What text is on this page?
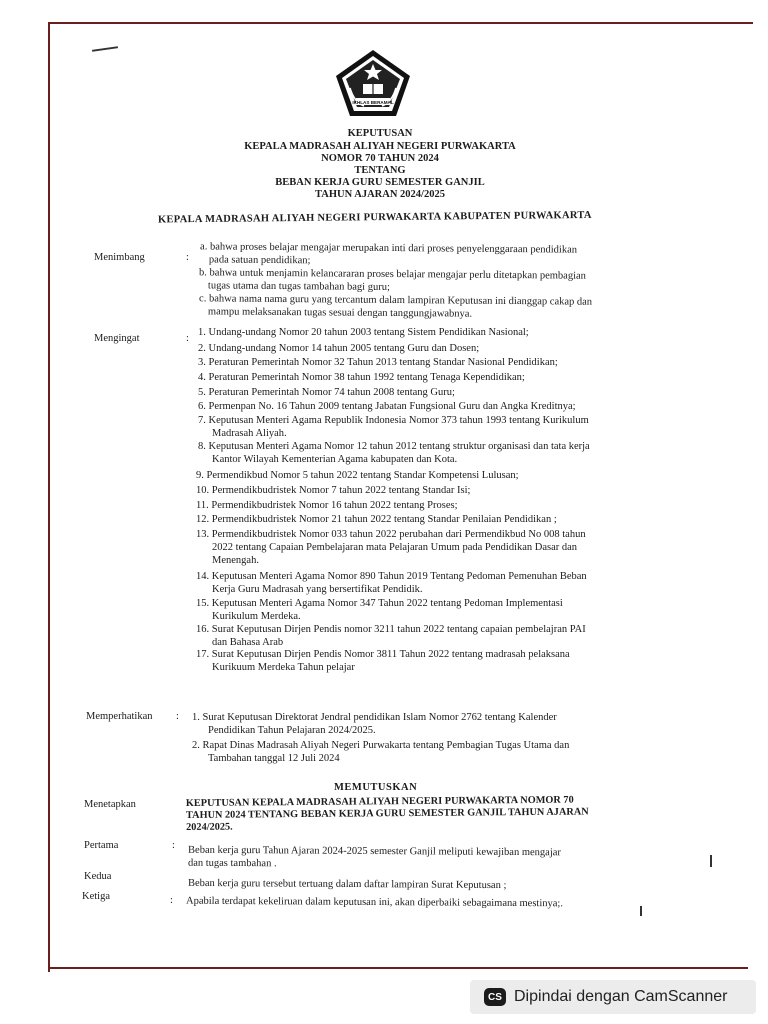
IKHLAS BERAMAL
KEPUTUSAN
KEPALA MADRASAH ALIYAH NEGERI PURWAKARTA
NOMOR 70 TAHUN 2024
TENTANG
BEBAN KERJA GURU SEMESTER GANJIL
TAHUN AJARAN 2024/2025
KEPALA MADRASAH ALIYAH NEGERI PURWAKARTA KABUPATEN PURWAKARTA
Menimbang	:
a. bahwa proses belajar mengajar merupakan inti dari proses penyelenggaraan pendidikan
pada satuan pendidikan;
b. bahwa untuk menjamin kelancararan proses belajar mengajar perlu ditetapkan pembagian
tugas utama dan tugas tambahan bagi guru;
c. bahwa nama nama guru yang tercantum dalam lampiran Keputusan ini dianggap cakap dan
mampu melaksanakan tugas sesuai dengan tanggungjawabnya.
Mengingat	:
1. Undang-undang Nomor 20 tahun 2003 tentang Sistem Pendidikan Nasional;
2. Undang-undang Nomor 14 tahun 2005 tentang Guru dan Dosen;
3. Peraturan Pemerintah Nomor 32 Tahun 2013 tentang Standar Nasional Pendidikan;
4. Peraturan Pemerintah Nomor 38 tahun 1992 tentang Tenaga Kependidikan;
5. Peraturan Pemerintah Nomor 74 tahun 2008 tentang Guru;
6. Permenpan No. 16 Tahun 2009 tentang Jabatan Fungsional Guru dan Angka Kreditnya;
7. Keputusan Menteri Agama Republik Indonesia Nomor 373 tahun 1993 tentang Kurikulum
Madrasah Aliyah.
8. Keputusan Menteri Agama Nomor 12 tahun 2012 tentang struktur organisasi dan tata kerja
Kantor Wilayah Kementerian Agama kabupaten dan Kota.
9. Permendikbud Nomor 5 tahun 2022 tentang Standar Kompetensi Lulusan;
10. Permendikbudristek Nomor 7 tahun 2022 tentang Standar Isi;
11. Permendikbudristek Nomor 16 tahun 2022 tentang Proses;
12. Permendikbudristek Nomor 21 tahun 2022 tentang Standar Penilaian Pendidikan ;
13. Permendikbudristek Nomor 033 tahun 2022 perubahan dari Permendikbud No 008 tahun
2022 tentang Capaian Pembelajaran mata Pelajaran Umum pada Pendidikan Dasar dan
Menengah.
14. Keputusan Menteri Agama Nomor 890 Tahun 2019 Tentang Pedoman Pemenuhan Beban
Kerja Guru Madrasah yang bersertifikat Pendidik.
15. Keputusan Menteri Agama Nomor 347 Tahun 2022 tentang Pedoman Implementasi
Kurikulum Merdeka.
16. Surat Keputusan Dirjen Pendis nomor 3211 tahun 2022 tentang capaian pembelajran PAI
dan Bahasa Arab
17. Surat Keputusan Dirjen Pendis Nomor 3811 Tahun 2022 tentang madrasah pelaksana
Kurikuum Merdeka Tahun pelajar
Memperhatikan : 1. Surat Keputusan Direktorat Jendral pendidikan Islam Nomor 2762 tentang Kalender
Pendidikan Tahun Pelajaran 2024/2025.
2. Rapat Dinas Madrasah Aliyah Negeri Purwakarta tentang Pembagian Tugas Utama dan
Tambahan tanggal 12 Juli 2024
MEMUTUSKAN
Menetapkan	KEPUTUSAN KEPALA MADRASAH ALIYAH NEGERI PURWAKARTA NOMOR 70
TAHUN 2024 TENTANG BEBAN KERJA GURU SEMESTER GANJIL TAHUN AJARAN
2024/2025.
Pertama	: Beban kerja guru Tahun Ajaran 2024-2025 semester Ganjil meliputi kewajiban mengajar
dan tugas tambahan .
Kedua
Beban kerja guru tersebut tertuang dalam daftar lampiran Surat Keputusan ;
Ketiga	: Apabila terdapat kekeliruan dalam keputusan ini, akan diperbaiki sebagaimana mestinya;.
CS Dipindai dengan CamScanner
